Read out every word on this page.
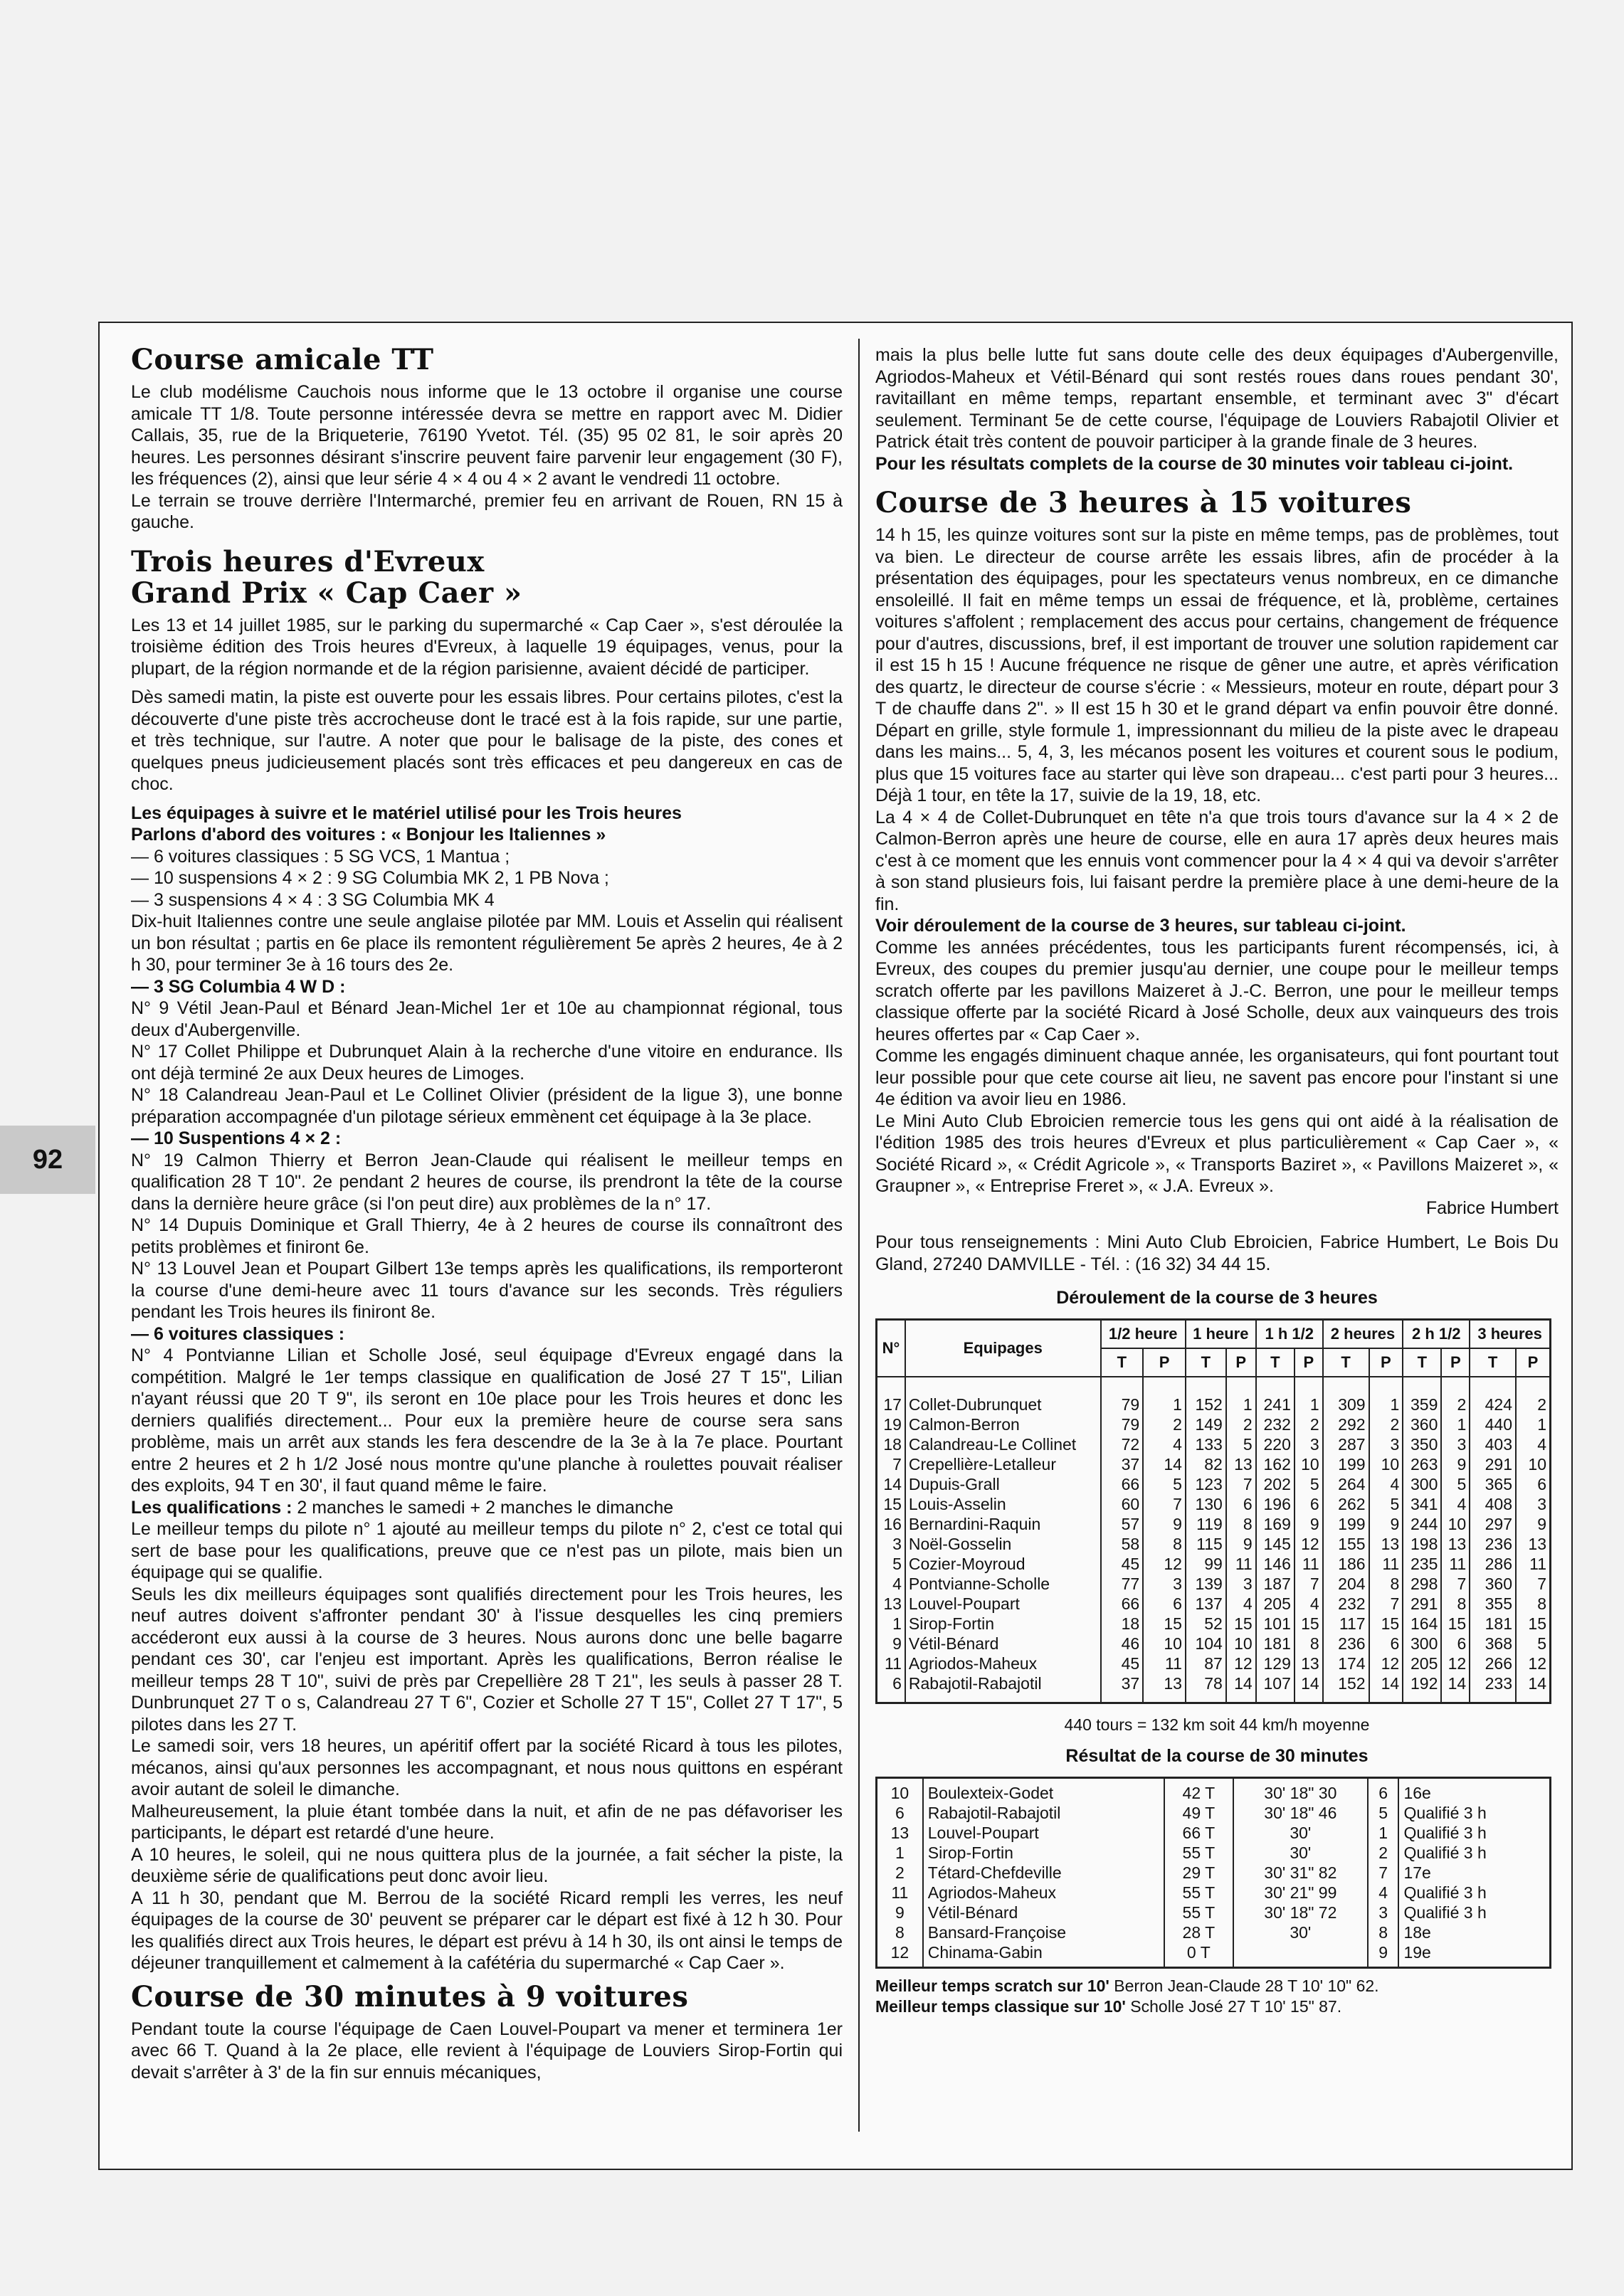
92
Course amicale TT

Le club modélisme Cauchois nous informe que le 13 octobre il organise une course amicale TT 1/8. Toute personne intéressée devra se mettre en rapport avec M. Didier Callais, 35, rue de la Briqueterie, 76190 Yvetot. Tél. (35) 95 02 81, le soir après 20 heures. Les personnes désirant s'inscrire peuvent faire parvenir leur engagement (30 F), les fréquences (2), ainsi que leur série 4 × 4 ou 4 × 2 avant le vendredi 11 octobre.

Le terrain se trouve derrière l'Intermarché, premier feu en arrivant de Rouen, RN 15 à gauche.

Trois heures d'Evreux
Grand Prix « Cap Caer »

Les 13 et 14 juillet 1985, sur le parking du supermarché « Cap Caer », s'est déroulée la troisième édition des Trois heures d'Evreux, à laquelle 19 équipages, venus, pour la plupart, de la région normande et de la région parisienne, avaient décidé de participer.

Dès samedi matin, la piste est ouverte pour les essais libres. Pour certains pilotes, c'est la découverte d'une piste très accrocheuse dont le tracé est à la fois rapide, sur une partie, et très technique, sur l'autre. A noter que pour le balisage de la piste, des cones et quelques pneus judicieusement placés sont très efficaces et peu dangereux en cas de choc.

Les équipages à suivre et le matériel utilisé pour les Trois heures

Parlons d'abord des voitures : « Bonjour les Italiennes »

— 6 voitures classiques : 5 SG VCS, 1 Mantua ;

— 10 suspensions 4 × 2 : 9 SG Columbia MK 2, 1 PB Nova ;

— 3 suspensions 4 × 4 : 3 SG Columbia MK 4

Dix-huit Italiennes contre une seule anglaise pilotée par MM. Louis et Asselin qui réalisent un bon résultat ; partis en 6e place ils remontent régulièrement 5e après 2 heures, 4e à 2 h 30, pour terminer 3e à 16 tours des 2e.

— 3 SG Columbia 4 W D :

N° 9 Vétil Jean-Paul et Bénard Jean-Michel 1er et 10e au championnat régional, tous deux d'Aubergenville.

N° 17 Collet Philippe et Dubrunquet Alain à la recherche d'une vitoire en endurance. Ils ont déjà terminé 2e aux Deux heures de Limoges.

N° 18 Calandreau Jean-Paul et Le Collinet Olivier (président de la ligue 3), une bonne préparation accompagnée d'un pilotage sérieux emmènent cet équipage à la 3e place.

— 10 Suspentions 4 × 2 :

N° 19 Calmon Thierry et Berron Jean-Claude qui réalisent le meilleur temps en qualification 28 T 10". 2e pendant 2 heures de course, ils prendront la tête de la course dans la dernière heure grâce (si l'on peut dire) aux problèmes de la n° 17.

N° 14 Dupuis Dominique et Grall Thierry, 4e à 2 heures de course ils connaîtront des petits problèmes et finiront 6e.

N° 13 Louvel Jean et Poupart Gilbert 13e temps après les qualifications, ils remporteront la course d'une demi-heure avec 11 tours d'avance sur les seconds. Très réguliers pendant les Trois heures ils finiront 8e.

— 6 voitures classiques :

N° 4 Pontvianne Lilian et Scholle José, seul équipage d'Evreux engagé dans la compétition. Malgré le 1er temps classique en qualification de José 27 T 15", Lilian n'ayant réussi que 20 T 9", ils seront en 10e place pour les Trois heures et donc les derniers qualifiés directement... Pour eux la première heure de course sera sans problème, mais un arrêt aux stands les fera descendre de la 3e à la 7e place. Pourtant entre 2 heures et 2 h 1/2 José nous montre qu'une planche à roulettes pouvait réaliser des exploits, 94 T en 30', il faut quand même le faire.

Les qualifications : 2 manches le samedi + 2 manches le dimanche

Le meilleur temps du pilote n° 1 ajouté au meilleur temps du pilote n° 2, c'est ce total qui sert de base pour les qualifications, preuve que ce n'est pas un pilote, mais bien un équipage qui se qualifie.

Seuls les dix meilleurs équipages sont qualifiés directement pour les Trois heures, les neuf autres doivent s'affronter pendant 30' à l'issue desquelles les cinq premiers accéderont eux aussi à la course de 3 heures. Nous aurons donc une belle bagarre pendant ces 30', car l'enjeu est important. Après les qualifications, Berron réalise le meilleur temps 28 T 10", suivi de près par Crepellière 28 T 21", les seuls à passer 28 T. Dunbrunquet 27 T o s, Calandreau 27 T 6", Cozier et Scholle 27 T 15", Collet 27 T 17", 5 pilotes dans les 27 T.

Le samedi soir, vers 18 heures, un apéritif offert par la société Ricard à tous les pilotes, mécanos, ainsi qu'aux personnes les accompagnant, et nous nous quittons en espérant avoir autant de soleil le dimanche.

Malheureusement, la pluie étant tombée dans la nuit, et afin de ne pas défavoriser les participants, le départ est retardé d'une heure.

A 10 heures, le soleil, qui ne nous quittera plus de la journée, a fait sécher la piste, la deuxième série de qualifications peut donc avoir lieu.

A 11 h 30, pendant que M. Berrou de la société Ricard rempli les verres, les neuf équipages de la course de 30' peuvent se préparer car le départ est fixé à 12 h 30. Pour les qualifiés direct aux Trois heures, le départ est prévu à 14 h 30, ils ont ainsi le temps de déjeuner tranquillement et calmement à la cafétéria du supermarché « Cap Caer ».

Course de 30 minutes à 9 voitures

Pendant toute la course l'équipage de Caen Louvel-Poupart va mener et terminera 1er avec 66 T. Quand à la 2e place, elle revient à l'équipage de Louviers Sirop-Fortin qui devait s'arrêter à 3' de la fin sur ennuis mécaniques,

mais la plus belle lutte fut sans doute celle des deux équipages d'Aubergenville, Agriodos-Maheux et Vétil-Bénard qui sont restés roues dans roues pendant 30', ravitaillant en même temps, repartant ensemble, et terminant avec 3" d'écart seulement. Terminant 5e de cette course, l'équipage de Louviers Rabajotil Olivier et Patrick était très content de pouvoir participer à la grande finale de 3 heures.

Pour les résultats complets de la course de 30 minutes voir tableau ci-joint.

Course de 3 heures à 15 voitures

14 h 15, les quinze voitures sont sur la piste en même temps, pas de problèmes, tout va bien. Le directeur de course arrête les essais libres, afin de procéder à la présentation des équipages, pour les spectateurs venus nombreux, en ce dimanche ensoleillé. Il fait en même temps un essai de fréquence, et là, problème, certaines voitures s'affolent ; remplacement des accus pour certains, changement de fréquence pour d'autres, discussions, bref, il est important de trouver une solution rapidement car il est 15 h 15 ! Aucune fréquence ne risque de gêner une autre, et après vérification des quartz, le directeur de course s'écrie : « Messieurs, moteur en route, départ pour 3 T de chauffe dans 2". » Il est 15 h 30 et le grand départ va enfin pouvoir être donné. Départ en grille, style formule 1, impressionnant du milieu de la piste avec le drapeau dans les mains... 5, 4, 3, les mécanos posent les voitures et courent sous le podium, plus que 15 voitures face au starter qui lève son drapeau... c'est parti pour 3 heures... Déjà 1 tour, en tête la 17, suivie de la 19, 18, etc.

La 4 × 4 de Collet-Dubrunquet en tête n'a que trois tours d'avance sur la 4 × 2 de Calmon-Berron après une heure de course, elle en aura 17 après deux heures mais c'est à ce moment que les ennuis vont commencer pour la 4 × 4 qui va devoir s'arrêter à son stand plusieurs fois, lui faisant perdre la première place à une demi-heure de la fin.

Voir déroulement de la course de 3 heures, sur tableau ci-joint.

Comme les années précédentes, tous les participants furent récompensés, ici, à Evreux, des coupes du premier jusqu'au dernier, une coupe pour le meilleur temps scratch offerte par les pavillons Maizeret à J.-C. Berron, une pour le meilleur temps classique offerte par la société Ricard à José Scholle, deux aux vainqueurs des trois heures offertes par « Cap Caer ».

Comme les engagés diminuent chaque année, les organisateurs, qui font pourtant tout leur possible pour que cete course ait lieu, ne savent pas encore pour l'instant si une 4e édition va avoir lieu en 1986.

Le Mini Auto Club Ebroicien remercie tous les gens qui ont aidé à la réalisation de l'édition 1985 des trois heures d'Evreux et plus particulièrement « Cap Caer », « Société Ricard », « Crédit Agricole », « Transports Baziret », « Pavillons Maizeret », « Graupner », « Entreprise Freret », « J.A. Evreux ».

Fabrice Humbert

Pour tous renseignements : Mini Auto Club Ebroicien, Fabrice Humbert, Le Bois Du Gland, 27240 DAMVILLE - Tél. : (16 32) 34 44 15.

Déroulement de la course de 3 heures
N°	Equipages	1/2 heure		1 heure		1 h 1/2		2 heures		2 h 1/2		3 heures	
		T	P	T	P	T	P	T	P	T	P	T	P

17	Collet-Dubrunquet	79	1	152	1	241	1	309	1	359	2	424	2
19	Calmon-Berron	79	2	149	2	232	2	292	2	360	1	440	1
18	Calandreau-Le Collinet	72	4	133	5	220	3	287	3	350	3	403	4
7	Crepellière-Letalleur	37	14	82	13	162	10	199	10	263	9	291	10
14	Dupuis-Grall	66	5	123	7	202	5	264	4	300	5	365	6
15	Louis-Asselin	60	7	130	6	196	6	262	5	341	4	408	3
16	Bernardini-Raquin	57	9	119	8	169	9	199	9	244	10	297	9
3	Noël-Gosselin	58	8	115	9	145	12	155	13	198	13	236	13
5	Cozier-Moyroud	45	12	99	11	146	11	186	11	235	11	286	11
4	Pontvianne-Scholle	77	3	139	3	187	7	204	8	298	7	360	7
13	Louvel-Poupart	66	6	137	4	205	4	232	7	291	8	355	8
1	Sirop-Fortin	18	15	52	15	101	15	117	15	164	15	181	15
9	Vétil-Bénard	46	10	104	10	181	8	236	6	300	6	368	5
11	Agriodos-Maheux	45	11	87	12	129	13	174	12	205	12	266	12
6	Rabajotil-Rabajotil	37	13	78	14	107	14	152	14	192	14	233	14

440 tours = 132 km soit 44 km/h moyenne
Résultat de la course de 30 minutes
10	Boulexteix-Godet	42 T	30' 18" 30	6	16e
6	Rabajotil-Rabajotil	49 T	30' 18" 46	5	Qualifié 3 h
13	Louvel-Poupart	66 T	30'	1	Qualifié 3 h
1	Sirop-Fortin	55 T	30'	2	Qualifié 3 h
2	Tétard-Chefdeville	29 T	30' 31" 82	7	17e
11	Agriodos-Maheux	55 T	30' 21" 99	4	Qualifié 3 h
9	Vétil-Bénard	55 T	30' 18" 72	3	Qualifié 3 h
8	Bansard-Françoise	28 T	30'	8	18e
12	Chinama-Gabin	0 T		9	19e
Meilleur temps scratch sur 10' Berron Jean-Claude 28 T 10' 10" 62.
Meilleur temps classique sur 10' Scholle José 27 T 10' 15" 87.
